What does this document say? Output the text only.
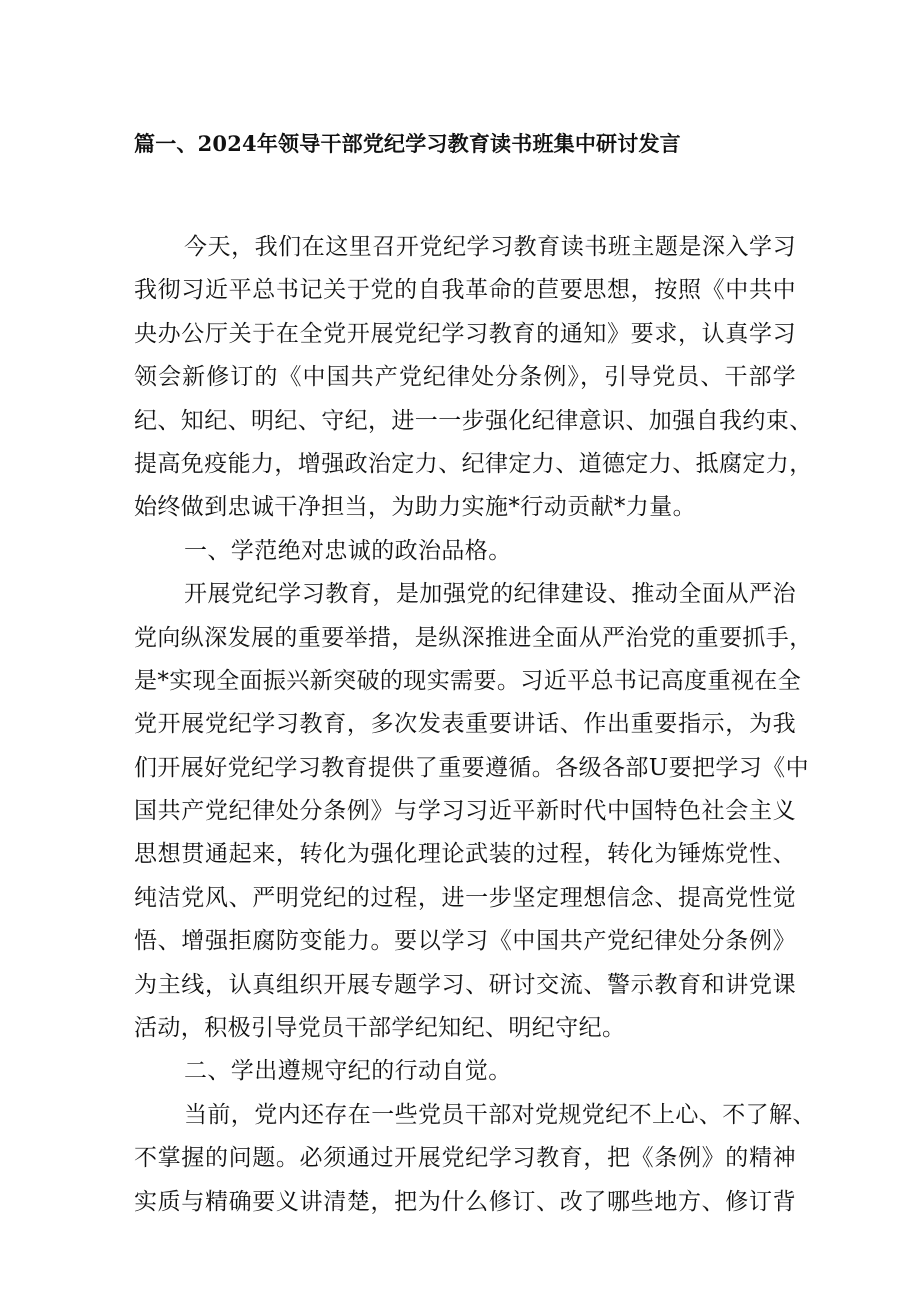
篇一、2024年领导干部党纪学习教育读书班集中研讨发言
今天，我们在这里召开党纪学习教育读书班主题是深入学习
我彻习近平总书记关于党的自我革命的苣要思想，按照《中共中
央办公厅关于在全党开展党纪学习教育的通知》要求，认真学习
领会新修订的《中国共产党纪律处分条例》，引导党员、干部学
纪、知纪、明纪、守纪，进一一步强化纪律意识、加强自我约束、
提高免疫能力，增强政治定力、纪律定力、道德定力、抵腐定力，
始终做到忠诚干净担当，为助力实施*行动贡献*力量。
一、学范绝对忠诚的政治品格。
开展党纪学习教育，是加强党的纪律建设、推动全面从严治
党向纵深发展的重要举措，是纵深推进全面从严治党的重要抓手，
是*实现全面振兴新突破的现实需要。习近平总书记高度重视在全
党开展党纪学习教育，多次发表重要讲话、作出重要指示，为我
们开展好党纪学习教育提供了重要遵循。各级各部U要把学习《中
国共产党纪律处分条例》与学习习近平新时代中国特色社会主义
思想贯通起来，转化为强化理论武装的过程，转化为锤炼党性、
纯洁党风、严明党纪的过程，进一步坚定理想信念、提高党性觉
悟、增强拒腐防变能力。要以学习《中国共产党纪律处分条例》
为主线，认真组织开展专题学习、研讨交流、警示教育和讲党课
活动，积极引导党员干部学纪知纪、明纪守纪。
二、学出遵规守纪的行动自觉。
当前，党内还存在一些党员干部对党规党纪不上心、不了解、
不掌握的问题。必须通过开展党纪学习教育，把《条例》的精神
实质与精确要义讲清楚，把为什么修订、改了哪些地方、修订背
